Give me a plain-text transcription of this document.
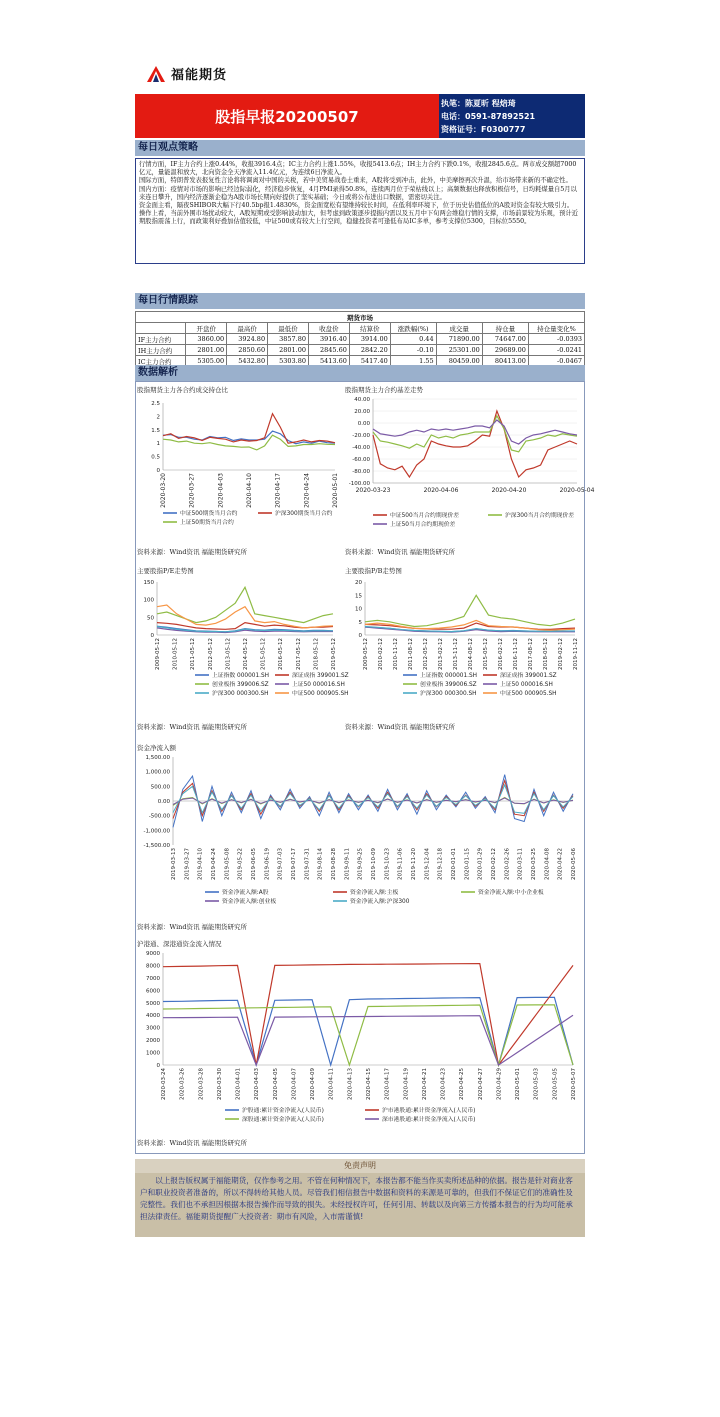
福能期货
股指早报20200507
执笔：陈夏昕 程焙琦
电话：0591-87892521
资格证号：F0300777
每日观点策略

行情方面，IF主力合约上涨0.44%，收报3916.4点；IC主力合约上涨1.55%，收报5413.6点；IH主力合约下跌0.1%，收报2845.6点。两市成交额超7000亿元，量能温和放大，北向资金全天净流入11.4亿元，为连续6日净流入。

国际方面，特朗普发表报复性言论将将调离对中国的关税，若中美贸易战卷土重来，A股将受到冲击，此外，中美摩擦再次升温，给市场带来新的不确定性。

国内方面：疫情对市场的影响已经边际弱化，经济稳步恢复，4月PMI录得50.8%，连续两月位于荣枯线以上；高频数据也释放积极信号，日均耗煤量自5月以来连日攀升，国内经济逐渐企稳为A股市场长期向好提供了坚实基础；今日或将公布进出口数据，需密切关注。

资金面主看，隔夜SHIBOR大幅下行40.5bp报1.4830%，资金面宽松有望维持较长时间，在低利率环境下，位于历史估值低位的A股对资金有较大吸引力。

操作上看，当前外围市场扰动较大，A股短期或受影响波动加大，但考虑到政策逐步提振内需以及五月中下旬两会维稳行情的支撑，市场前景较为乐观，预计近期股指震荡上行，而政策利好叠加估值较低，中证500或有较大上行空间，稳健投资者可逢低布局IC多单，参考支撑位5300，目标位5550。

每日行情跟踪
期货市场									
	开盘价	最高价	最低价	收盘价	结算价	涨跌幅(%)	成交量	持仓量	持仓量变化%
IF主力合约	3860.00	3924.80	3857.80	3916.40	3914.00	0.44	71890.00	74647.00	-0.0393
IH主力合约	2801.00	2850.60	2801.00	2845.60	2842.20	-0.10	25301.00	29689.00	-0.0241
IC主力合约	5305.00	5432.80	5303.80	5413.60	5417.40	1.55	80459.00	80413.00	-0.0467
数据解析
股指期货主力各合约成交持仓比	股指期货主力合约基差走势
主要股指P/E走势图	主要股指P/B走势图
资金净流入额
沪港通、深港通资金流入情况
资料来源：Wind资讯 福能期货研究所	资料来源：Wind资讯 福能期货研究所
资料来源：Wind资讯 福能期货研究所	资料来源：Wind资讯 福能期货研究所
资料来源：Wind资讯 福能期货研究所
资料来源：Wind资讯 福能期货研究所
0
0.5
1
1.5
2
2.5
2020-03-20	2020-03-27	2020-04-03	2020-04-10	2020-04-17	2020-04-24	2020-05-01
中证500期货当月合约	沪深300期货当月合约
上证50期货当月合约
-100.00
-80.00
-60.00
-40.00
-20.00
0.00
20.00
40.00
2020-03-23	2020-04-06	2020-04-20	2020-05-04
中证500当月合约期现价差	沪深300当月合约期现价差
上证50当月合约期现价差
0
50
100
150
2009-05-12 2010-05-12 2011-05-12 2012-05-12 2013-05-12 2014-05-12 2015-05-12 2016-05-12 2017-05-12 2018-05-12 2019-05-12
上证指数 000001.SH	深证成指 399001.SZ
创业板指 399006.SZ	上证50 000016.SH
沪深300 000300.SH	中证500 000905.SH
0
5
10
15
20
2009-05-12 2010-02-12 2010-11-12 2011-08-12 2012-05-12 2013-02-12 2013-11-12 2014-08-12 2015-05-12 2016-02-12 2016-11-12 2017-08-12 2018-05-12 2019-02-12 2019-11-12
上证指数 000001.SH	深证成指 399001.SZ
创业板指 399006.SZ	上证50 000016.SH
沪深300 000300.SH	中证500 000905.SH
-1,500.00
-1,000.00
-500.00
0.00
500.00
1,000.00
1,500.00
2019-03-13 2019-03-27 2019-04-10 2019-04-24 2019-05-08 2019-05-22 2019-06-05 2019-06-19 2019-07-03 2019-07-17 2019-07-31 2019-08-14 2019-08-28 2019-09-11 2019-09-25 2019-10-09 2019-10-23 2019-11-06 2019-11-20 2019-12-04 2019-12-18 2020-01-01 2020-01-15 2020-01-29 2020-02-12 2020-02-26 2020-03-11 2020-03-25 2020-04-08 2020-04-22 2020-05-06
资金净流入额:A股	资金净流入额:主板	资金净流入额:中小企业板
资金净流入额:创业板	资金净流入额:沪深300
0
1000
2000
3000
4000
5000
6000
7000
8000
9000
2020-03-24 2020-03-26 2020-03-28 2020-03-30 2020-04-01 2020-04-03 2020-04-05 2020-04-07 2020-04-09 2020-04-11 2020-04-13 2020-04-15 2020-04-17 2020-04-19 2020-04-21 2020-04-23 2020-04-25 2020-04-27 2020-04-29 2020-05-01 2020-05-03 2020-05-05 2020-05-07
沪股通:累计资金净流入(人民币)	沪市港股通:累计资金净流入(人民币)
深股通:累计资金净流入(人民币)	深市港股通:累计资金净流入(人民币)
免责声明
以上报告版权属于福能期货，仅作参考之用。不管在何种情况下，本报告都不能当作买卖所述品种的依据。报告是针对商业客户和职业投资者准备的，所以不得转给其他人员。尽管我们相信报告中数据和资料的来源是可靠的，但我们不保证它们的准确性及完整性。我们也不承担因根据本报告操作而导致的损失。未经授权许可，任何引用、转载以及向第三方传播本报告的行为均可能承担法律责任。福能期货提醒广大投资者：期市有风险，入市需谨慎!
